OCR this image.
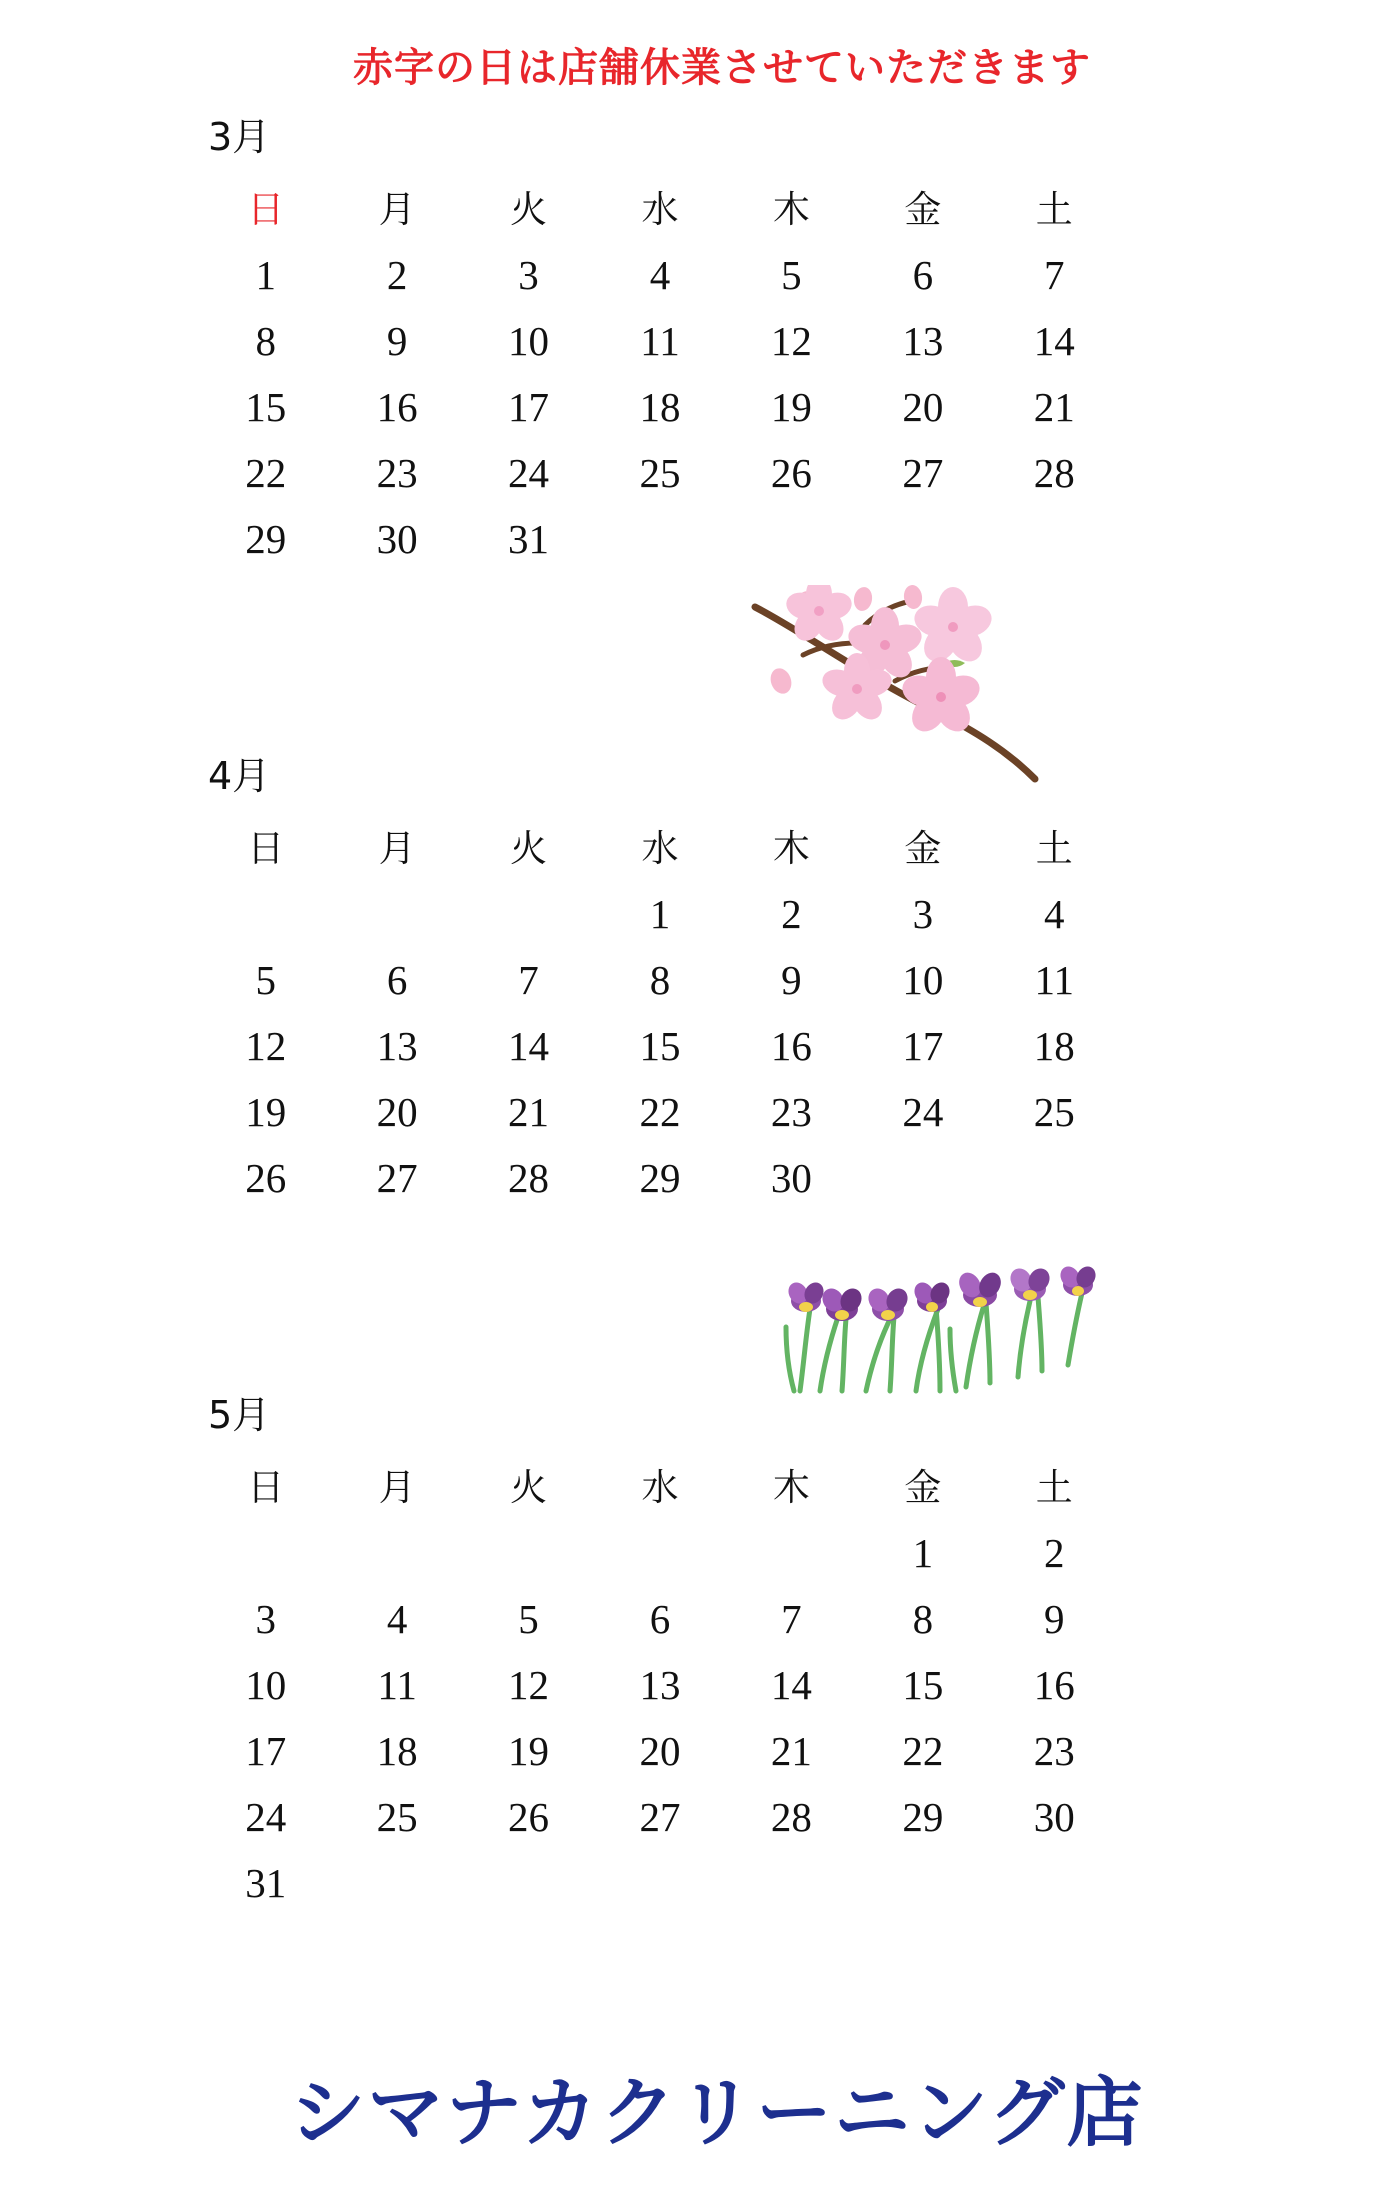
赤字の日は店舗休業させていただきます
3月
日	月	火	水	木	金	土
1	2	3	4	5	6	7
8	9	10	11	12	13	14
15	16	17	18	19	20	21
22	23	24	25	26	27	28
29	30	31				
4月
日	月	火	水	木	金	土
			1	2	3	4
5	6	7	8	9	10	11
12	13	14	15	16	17	18
19	20	21	22	23	24	25
26	27	28	29	30		
5月
日	月	火	水	木	金	土
					1	2
3	4	5	6	7	8	9
10	11	12	13	14	15	16
17	18	19	20	21	22	23
24	25	26	27	28	29	30
31						
シマナカクリーニング店
